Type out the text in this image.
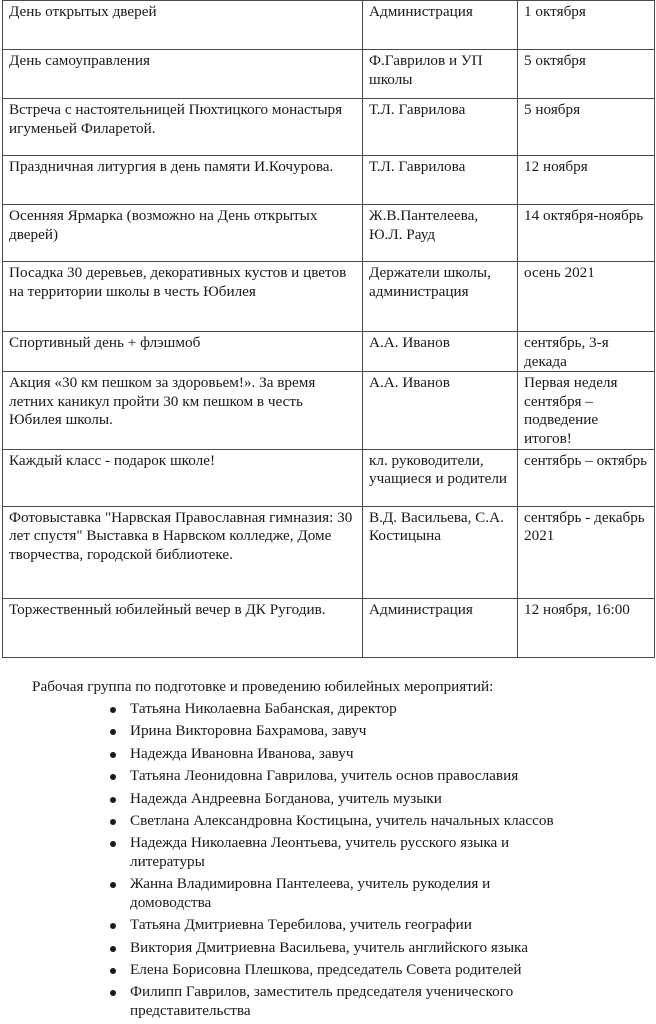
День открытых дверей	Администрация	1 октября
День самоуправления	Ф.Гаврилов и УП школы	5 октября
Встреча с настоятельницей Пюхтицкого монастыря игуменьей Филаретой.	Т.Л. Гаврилова	5 ноября
Праздничная литургия в день памяти И.Кочурова.	Т.Л. Гаврилова	12 ноября
Осенняя Ярмарка (возможно на День открытых дверей)	Ж.В.Пантелеева, Ю.Л. Рауд	14 октября-ноябрь
Посадка 30 деревьев, декоративных кустов и цветов на территории школы в честь Юбилея	Держатели школы, администрация	осень 2021
Спортивный день + флэшмоб	А.А. Иванов	сентябрь, 3-я декада
Акция «30 км пешком за здоровьем!». За время летних каникул пройти 30 км пешком в честь Юбилея школы.	А.А. Иванов	Первая неделя сентября – подведение итогов!
Каждый класс - подарок школе!	кл. руководители, учащиеся и родители	сентябрь – октябрь
Фотовыставка "Нарвская Православная гимназия: 30 лет спустя" Выставка в Нарвском колледже, Доме творчества, городской библиотеке.	В.Д. Васильева, С.А. Костицына	сентябрь - декабрь 2021
Торжественный юбилейный вечер в ДК Ругодив.	Администрация	12 ноября, 16:00
Рабочая группа по подготовке и проведению юбилейных мероприятий:
Татьяна Николаевна Бабанская, директор
Ирина Викторовна Бахрамова, завуч
Надежда Ивановна Иванова, завуч
Татьяна Леонидовна Гаврилова, учитель основ православия
Надежда Андреевна Богданова, учитель музыки
Светлана Александровна Костицына, учитель начальных классов
Надежда Николаевна Леонтьева, учитель русского языка и литературы
Жанна Владимировна Пантелеева, учитель рукоделия и домоводства
Татьяна Дмитриевна Теребилова, учитель географии
Виктория Дмитриевна Васильева, учитель английского языка
Елена Борисовна Плешкова, председатель Совета родителей
Филипп Гаврилов, заместитель председателя ученического представительства
